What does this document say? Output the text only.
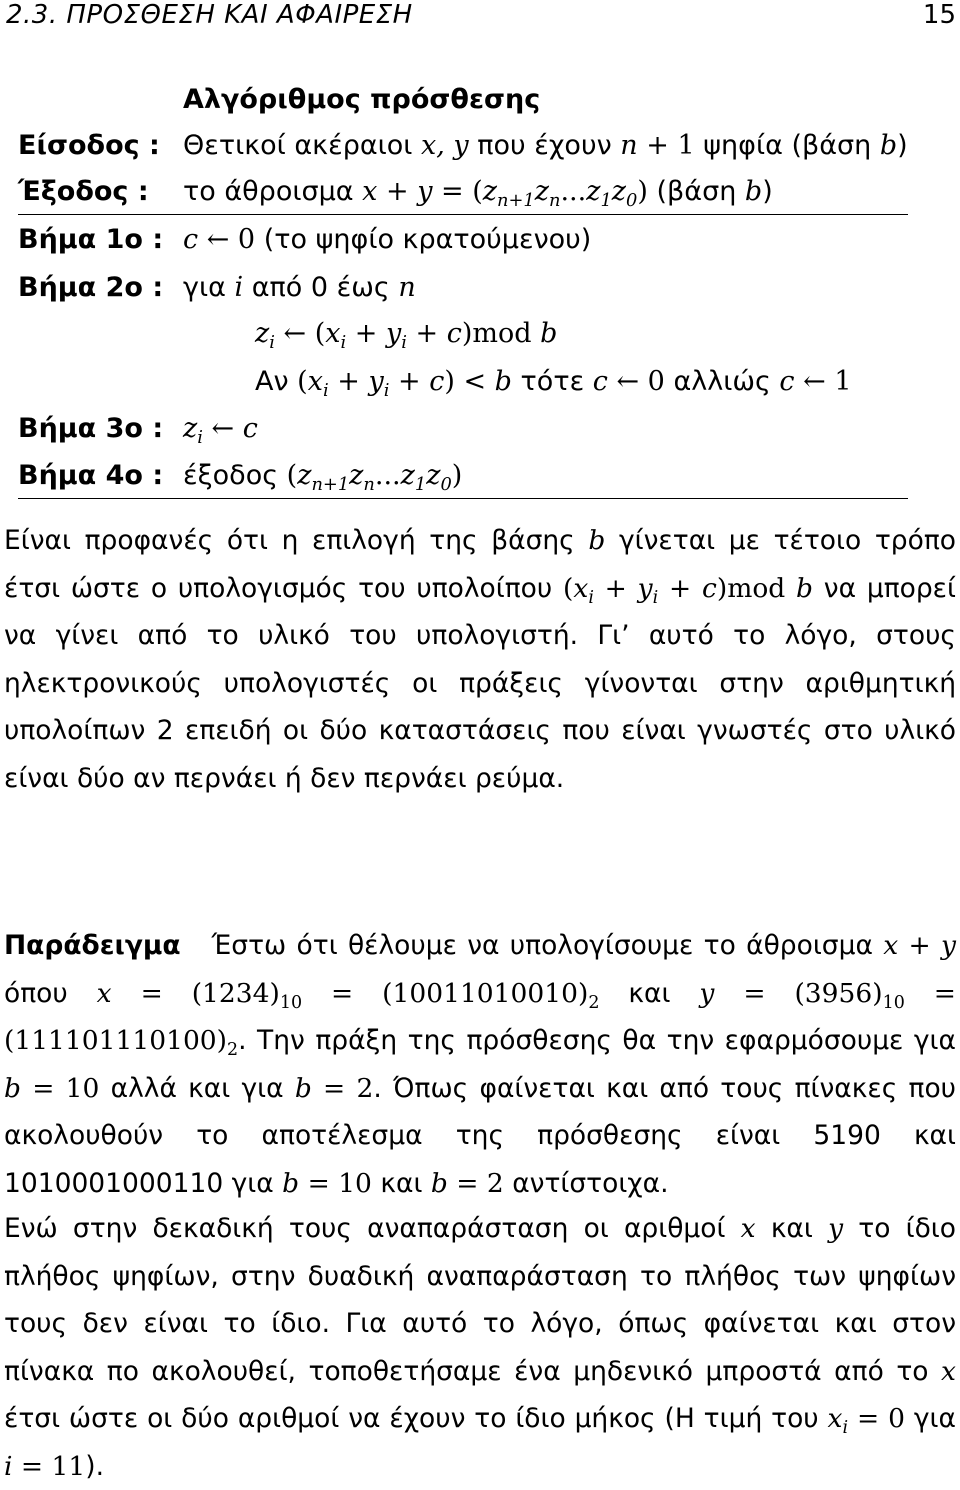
2.3. ΠΡΟΣΘΕΣΗ ΚΑΙ ΑΦΑΙΡΕΣΗ	15
Αλγόριθμος πρόσθεσης
Είσοδος : Θετικοί ακέραιοι x, y που έχουν n + 1 ψηφία (βάση b)
Έξοδος :	το άθροισμα $x + y = (z_{n+1}z_n...z_1z_0)$ (βάση b)
Βήμα 1ο : c ← 0 (το ψηφίο κρατούμενου)
Βήμα 2ο : για i από 0 έως n
$z_i$ ← $(x_i + y_i + c)mod$ b
Αν $(x_i + y_i + c) < b$ τότε c ← 0 αλλιώς c ← 1
Βήμα 3ο : $z_i$ ← c
Βήμα 4ο : έξοδος $(z_{n+1}z_n...z_1z_0)$
Είναι προφανές ότι η επιλογή της βάσης b γίνεται με τέτοιο τρόπο έτσι ώστε ο υπολογισμός του υπολοίπου $(x_i + y_i + c)mod$ b να μπορεί να γίνει από το υλικό του υπολογιστή. Γι’ αυτό το λόγο, στους ηλεκτρονικούς υπολογιστές οι πράξεις γίνονται στην αριθμητική υπολοίπων 2 επειδή οι δύο καταστάσεις που είναι γνωστές στο υλικό είναι δύο αν περνάει ή δεν περνάει ρεύμα.
Παράδειγμα Έστω ότι θέλουμε να υπολογίσουμε το άθροισμα x + y όπου $x = (1234)_{10} = (10011010010)_2$ και $y = (3956)_{10} = (111101110100)_2$. Την πράξη της πρόσθεσης θα την εφαρμόσουμε για b = 10 αλλά και για b = 2. Όπως φαίνεται και από τους πίνακες που ακολουθούν το αποτέλεσμα της πρόσθεσης είναι 5190 και 1010001000110 για b = 10 και b = 2 αντίστοιχα.
Ενώ στην δεκαδική τους αναπαράσταση οι αριθμοί x και y το ίδιο πλήθος ψηφίων, στην δυαδική αναπαράσταση το πλήθος των ψηφίων τους δεν είναι το ίδιο. Για αυτό το λόγο, όπως φαίνεται και στον πίνακα πο ακολουθεί, τοποθετήσαμε ένα μηδενικό μπροστά από το x έτσι ώστε οι δύο αριθμοί να έχουν το ίδιο μήκος (Η τιμή του $x_i = 0$ για i = 11).
